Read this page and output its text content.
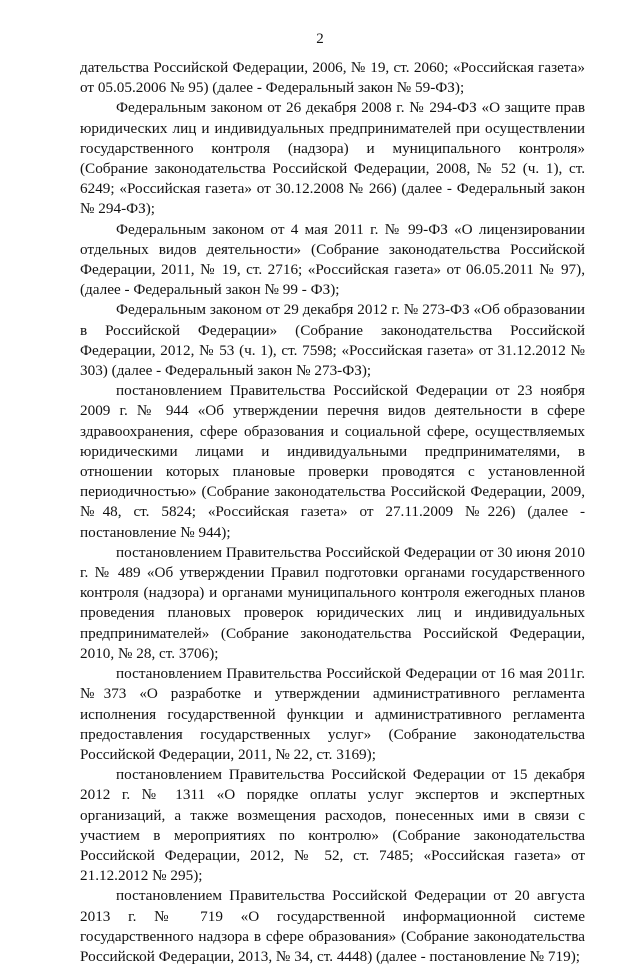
2

дательства Российской Федерации, 2006, № 19, ст. 2060; «Российская газета» от 05.05.2006 № 95) (далее - Федеральный закон № 59-ФЗ);

Федеральным законом от 26 декабря 2008 г. № 294-ФЗ «О защите прав юридических лиц и индивидуальных предпринимателей при осуществлении государственного контроля (надзора) и муниципального контроля» (Собрание законодательства Российской Федерации, 2008, № 52 (ч. 1), ст. 6249; «Российская газета» от 30.12.2008 № 266) (далее - Федеральный закон № 294-ФЗ);

Федеральным законом от 4 мая 2011 г. № 99-ФЗ «О лицензировании отдельных видов деятельности» (Собрание законодательства Российской Федерации, 2011, № 19, ст. 2716; «Российская газета» от 06.05.2011 № 97), (далее - Федеральный закон № 99 - ФЗ);

Федеральным законом от 29 декабря 2012 г. № 273-ФЗ «Об образовании в Российской Федерации» (Собрание законодательства Российской Федерации, 2012, № 53 (ч. 1), ст. 7598; «Российская газета» от 31.12.2012 № 303) (далее - Федеральный закон № 273-ФЗ);

постановлением Правительства Российской Федерации от 23 ноября 2009 г. № 944 «Об утверждении перечня видов деятельности в сфере здравоохранения, сфере образования и социальной сфере, осуществляемых юридическими лицами и индивидуальными предпринимателями, в отношении которых плановые проверки проводятся с установленной периодичностью» (Собрание законодательства Российской Федерации, 2009, №48, ст. 5824; «Российская газета» от 27.11.2009 №226) (далее - постановление № 944);

постановлением Правительства Российской Федерации от 30 июня 2010 г. № 489 «Об утверждении Правил подготовки органами государственного контроля (надзора) и органами муниципального контроля ежегодных планов проведения плановых проверок юридических лиц и индивидуальных предпринимателей» (Собрание законодательства Российской Федерации, 2010, № 28, ст. 3706);

постановлением Правительства Российской Федерации от 16 мая 2011г. №373 «О разработке и утверждении административного регламента исполнения государственной функции и административного регламента предоставления государственных услуг» (Собрание законодательства Российской Федерации, 2011, № 22, ст. 3169);

постановлением Правительства Российской Федерации от 15 декабря 2012 г. № 1311 «О порядке оплаты услуг экспертов и экспертных организаций, а также возмещения расходов, понесенных ими в связи с участием в мероприятиях по контролю» (Собрание законодательства Российской Федерации, 2012, № 52, ст. 7485; «Российская газета» от 21.12.2012 № 295);

постановлением Правительства Российской Федерации от 20 августа 2013 г. № 719 «О государственной информационной системе государственного надзора в сфере образования» (Собрание законодательства Российской Федерации, 2013, № 34, ст. 4448) (далее - постановление № 719);
